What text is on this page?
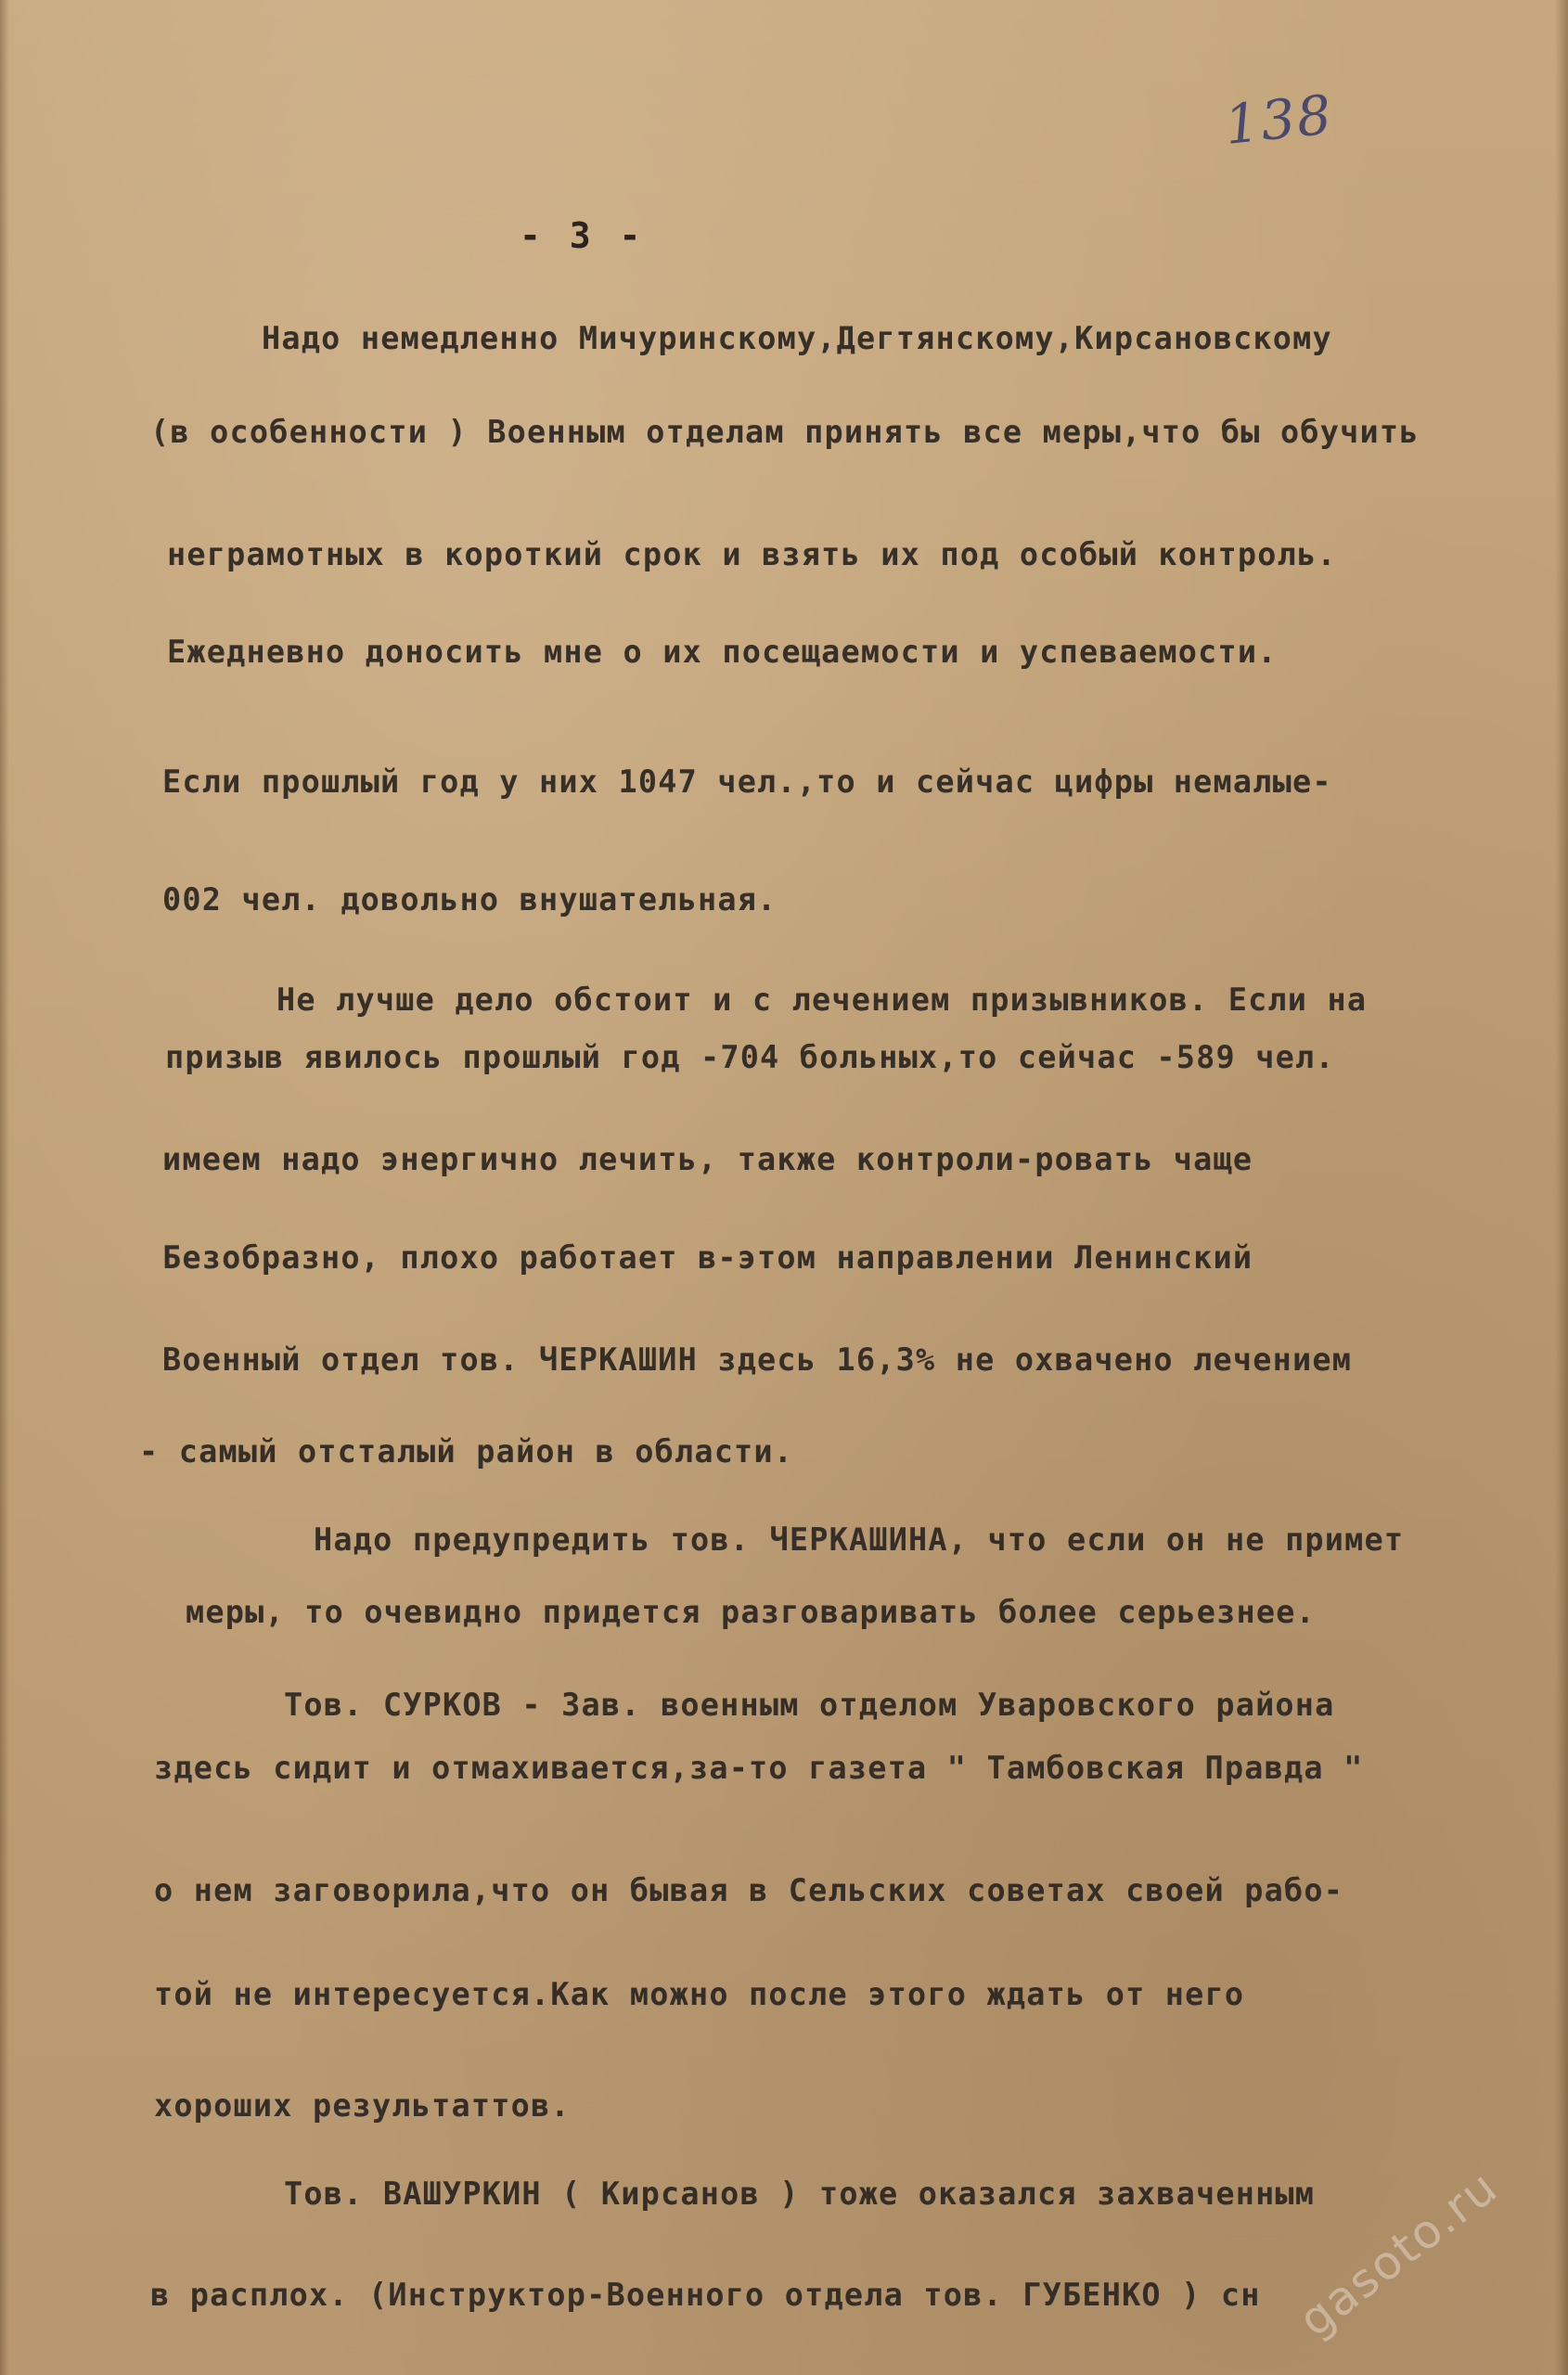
138
- 3 -
Надо немедленно Мичуринскому,Дегтянскому,Кирсановскому
(в особенности ) Военным отделам принять все меры,что бы обучить
неграмотных в короткий срок и взять их под особый контроль.
Ежедневно доносить мне о их посещаемости и успеваемости.
Если прошлый год у них 1047 чел.,то и сейчас цифры немалые-
002 чел. довольно внушательная.
Не лучше дело обстоит и с лечением призывников. Если на
призыв явилось прошлый год -704 больных,то сейчас -589 чел.
имеем надо энергично лечить, также контроли-ровать чаще
Безобразно, плохо работает в-этом направлении Ленинский
Военный отдел тов. ЧЕРКАШИН здесь 16,3% не охвачено лечением
- самый отсталый район в области.
Надо предупредить тов. ЧЕРКАШИНА, что если он не примет
меры, то очевидно придется разговаривать более серьезнее.
Тов. СУРКОВ - Зав. военным отделом Уваровского района
здесь сидит и отмахивается,за-то газета " Тамбовская Правда "
о нем заговорила,что он бывая в Сельских советах своей рабо-
той не интересуется.Как можно после этого ждать от него
хороших результаттов.
Тов. ВАШУРКИН ( Кирсанов ) тоже оказался захваченным
в расплох. (Инструктор-Военного отдела тов. ГУБЕНКО ) сн gasoto.ru
